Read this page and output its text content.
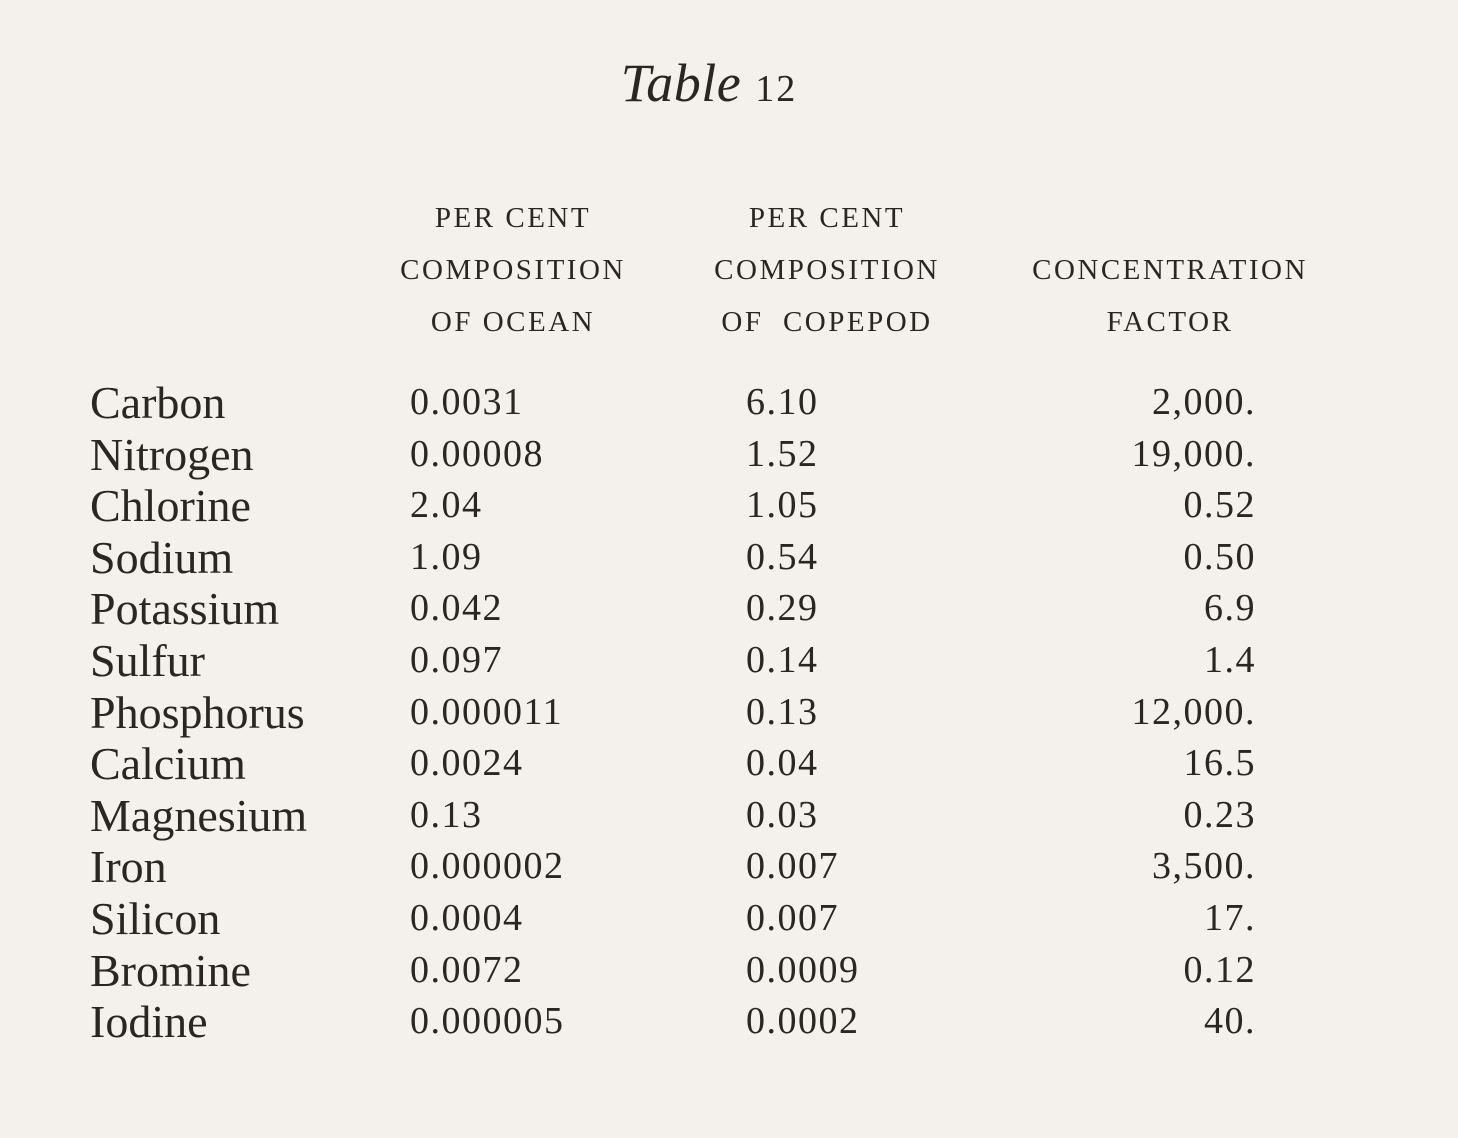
Table 12
PER CENT
COMPOSITION
OF OCEAN
PER CENT
COMPOSITION
OF  COPEPOD
CONCENTRATION
FACTOR
Carbon	0.0031	6.10	2,000.
Nitrogen	0.00008	1.52	19,000.
Chlorine	2.04	1.05	0.52
Sodium	1.09	0.54	0.50
Potassium	0.042	0.29	6.9
Sulfur	0.097	0.14	1.4
Phosphorus	0.000011	0.13	12,000.
Calcium	0.0024	0.04	16.5
Magnesium	0.13	0.03	0.23
Iron	0.000002	0.007	3,500.
Silicon	0.0004	0.007	17.
Bromine	0.0072	0.0009	0.12
Iodine	0.000005	0.0002	40.
